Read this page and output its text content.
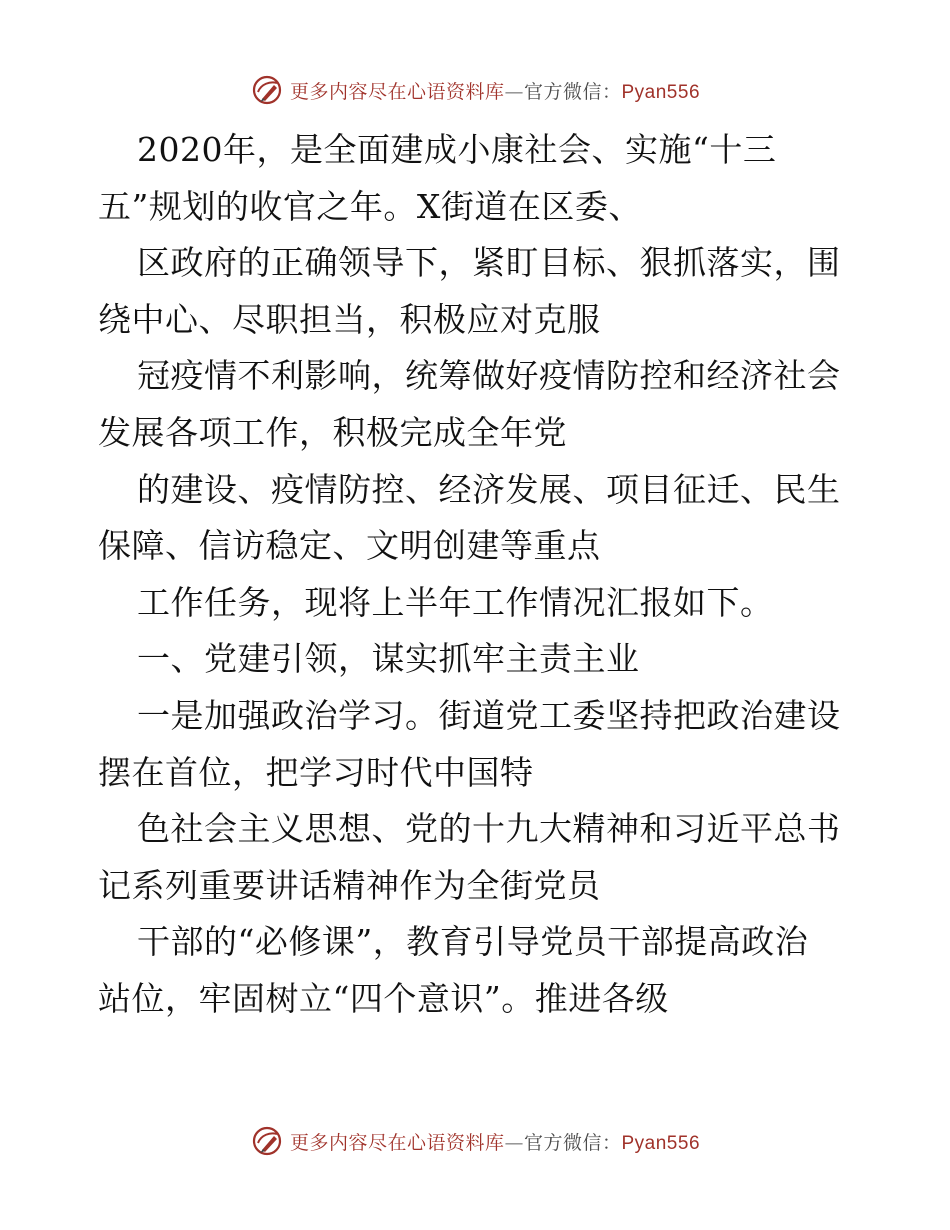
更多内容尽在心语资料库—官方微信：Pyan556
2020年，是全面建成小康社会、实施“十三
五”规划的收官之年。X街道在区委、
区政府的正确领导下，紧盯目标、狠抓落实，围
绕中心、尽职担当，积极应对克服
冠疫情不利影响，统筹做好疫情防控和经济社会
发展各项工作，积极完成全年党
的建设、疫情防控、经济发展、项目征迁、民生
保障、信访稳定、文明创建等重点
工作任务，现将上半年工作情况汇报如下。
一、党建引领，谋实抓牢主责主业
一是加强政治学习。街道党工委坚持把政治建设
摆在首位，把学习时代中国特
色社会主义思想、党的十九大精神和习近平总书
记系列重要讲话精神作为全街党员
干部的“必修课”，教育引导党员干部提高政治
站位，牢固树立“四个意识”。推进各级
更多内容尽在心语资料库—官方微信：Pyan556
